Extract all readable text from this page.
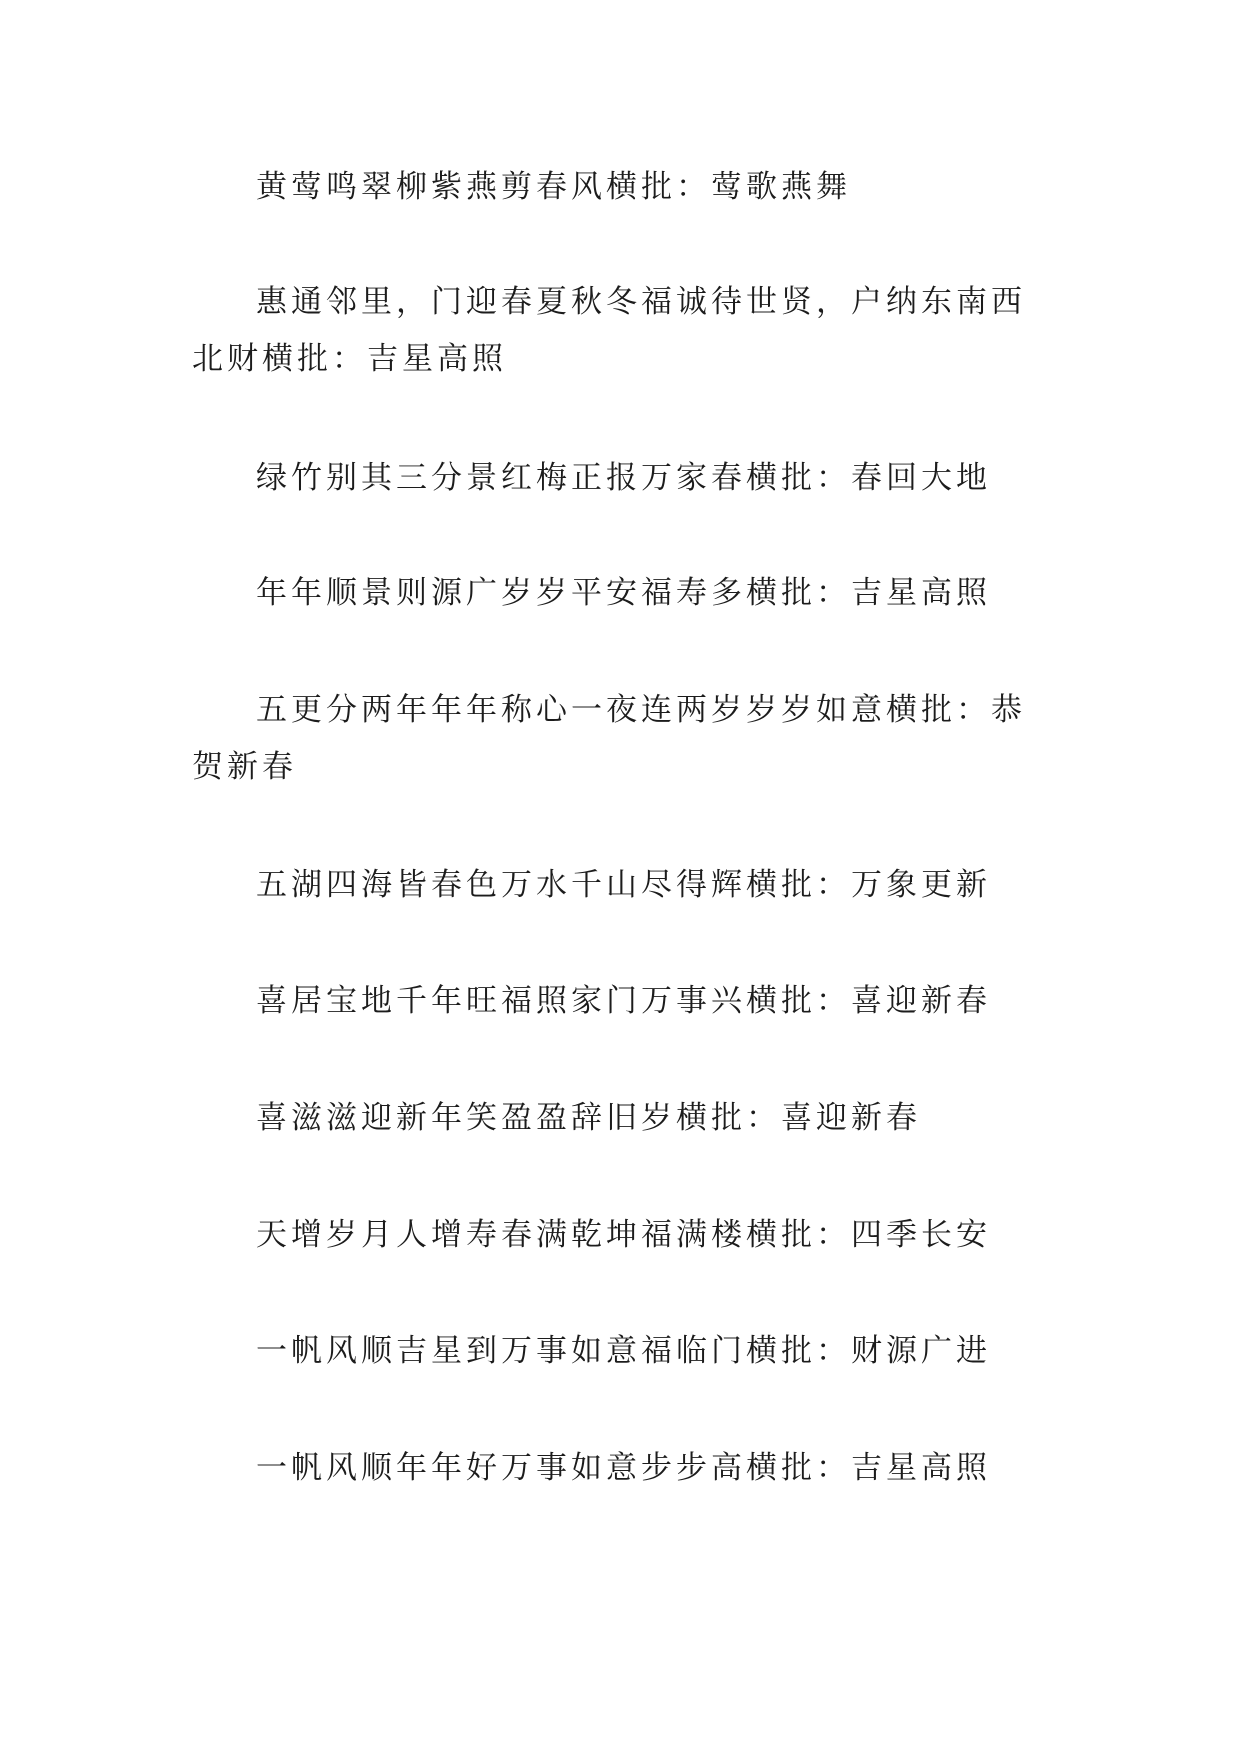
黄莺鸣翠柳紫燕剪春风横批：莺歌燕舞

惠通邻里，门迎春夏秋冬福诚待世贤，户纳东南西北财横批：吉星高照

绿竹别其三分景红梅正报万家春横批：春回大地

年年顺景则源广岁岁平安福寿多横批：吉星高照

五更分两年年年称心一夜连两岁岁岁如意横批：恭贺新春

五湖四海皆春色万水千山尽得辉横批：万象更新

喜居宝地千年旺福照家门万事兴横批：喜迎新春

喜滋滋迎新年笑盈盈辞旧岁横批：喜迎新春

天增岁月人增寿春满乾坤福满楼横批：四季长安

一帆风顺吉星到万事如意福临门横批：财源广进

一帆风顺年年好万事如意步步高横批：吉星高照
